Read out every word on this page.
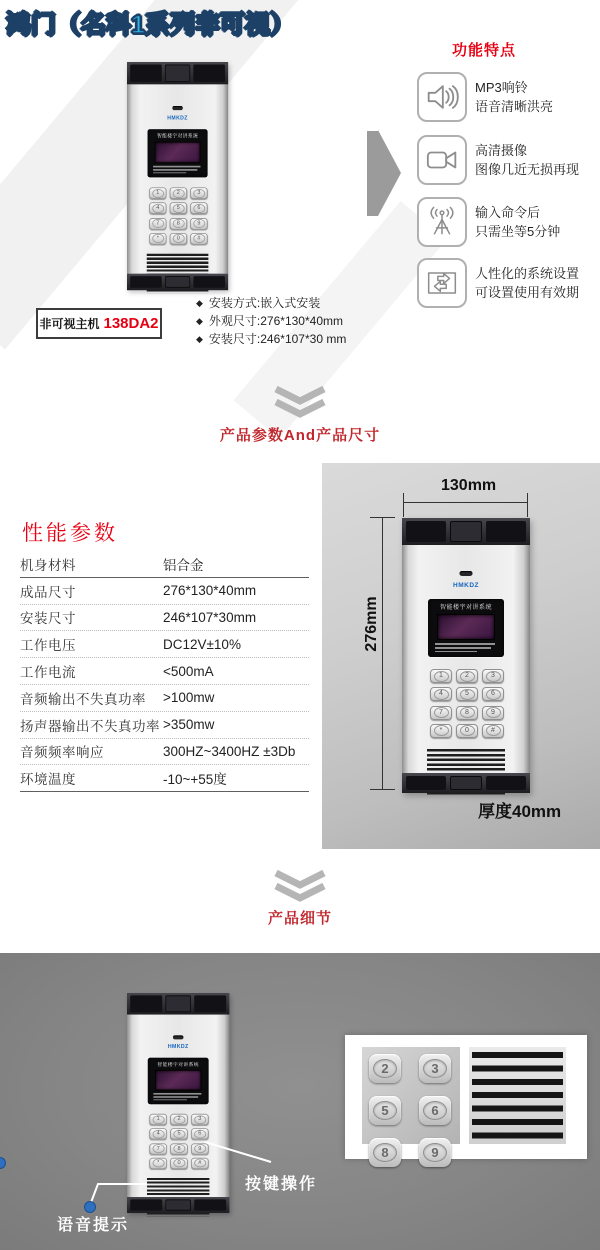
鸿门（名科1系列非可视）
HMKDZ
智能楼宇对讲系统
1	2	3
4	5	6
7	8	9
*	0	#
非可视主机 138DA2
◆ 安装方式:嵌入式安装
◆ 外观尺寸:276*130*40mm
◆ 安装尺寸:246*107*30 mm
功能特点
MP3响铃
语音清晰洪亮
高清摄像
图像几近无损再现
输入命令后
只需坐等5分钟
人性化的系统设置
可设置使用有效期
产品参数And产品尺寸
性能参数
机身材料	铝合金
成品尺寸	276*130*40mm
安装尺寸	246*107*30mm
工作电压	DC12V±10%
工作电流	<500mA
音频输出不失真功率 >100mw
扬声器输出不失真功率 >350mw
音频频率响应	300HZ~3400HZ ±3Db
环境温度	-10~+55度
130mm
276mm
HMKDZ
智能楼宇对讲系统
1	2	3
4	5	6
7	8	9
*	0	#
厚度40mm
产品细节
HMKDZ
智能楼宇对讲系统
1	2	3
4	5	6
7	8	9
*	0	#
语音提示
按键操作
2	3
5	6
8	9
